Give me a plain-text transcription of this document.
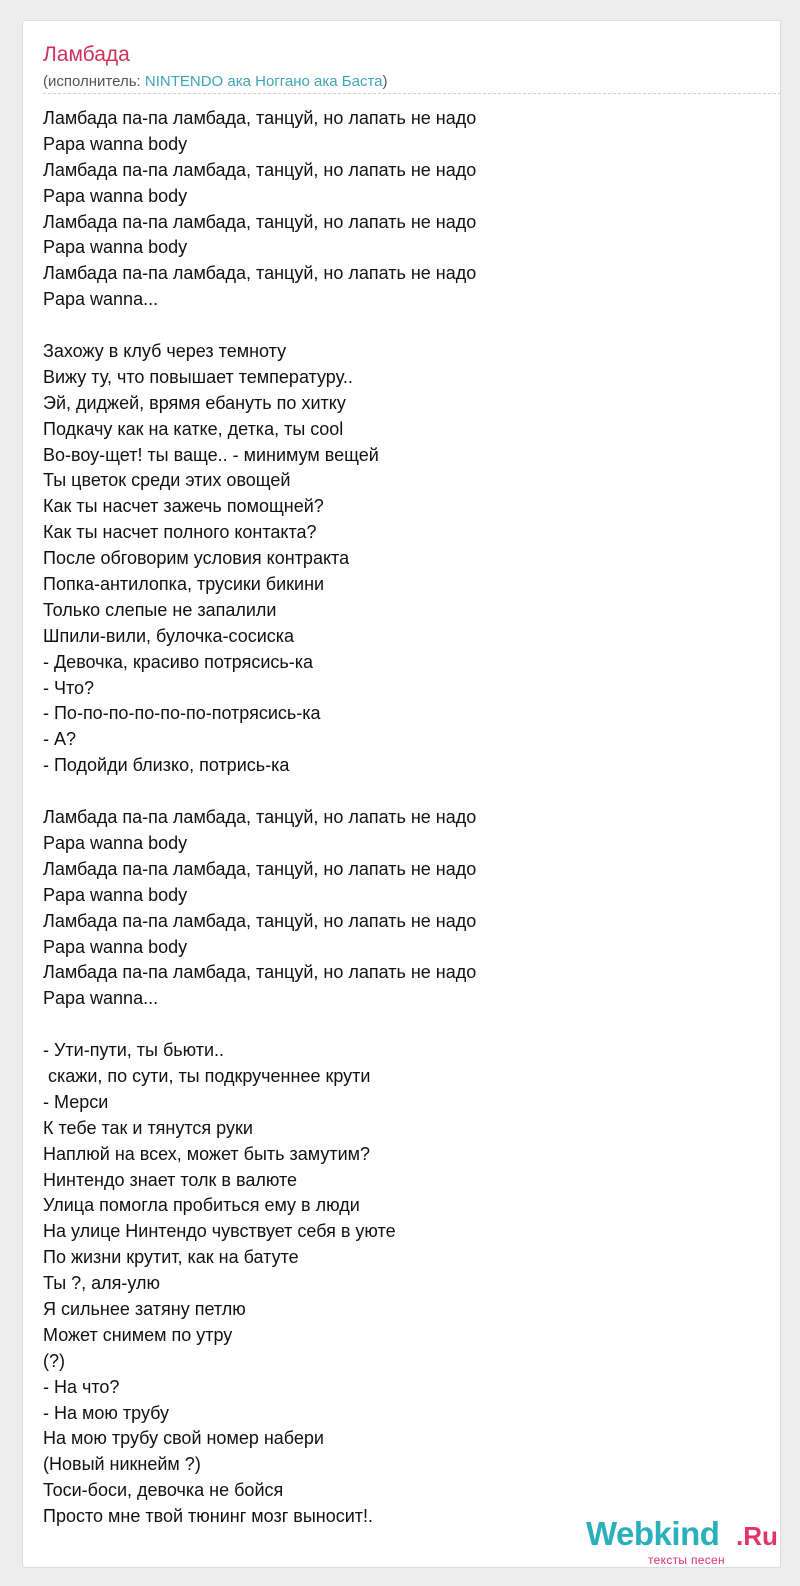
Ламбада
(исполнитель: NINTENDO ака Ноггано ака Баста)
Ламбада па-па ламбада, танцуй, но лапать не надо
Papa wanna body
Ламбада па-па ламбада, танцуй, но лапать не надо
Papa wanna body
Ламбада па-па ламбада, танцуй, но лапать не надо
Papa wanna body
Ламбада па-па ламбада, танцуй, но лапать не надо
Papa wanna...
Захожу в клуб через темноту
Вижу ту, что повышает температуру..
Эй, диджей, врямя ебануть по хитку
Подкачу как на катке, детка, ты cool
Во-воу-щет! ты ваще.. - минимум вещей
Ты цветок среди этих овощей
Как ты насчет зажечь помощней?
Как ты насчет полного контакта?
После обговорим условия контракта
Попка-антилопка, трусики бикини
Только слепые не запалили
Шпили-вили, булочка-сосиска
- Девочка, красиво потрясись-ка
- Что?
- По-по-по-по-по-по-потрясись-ка
- А?
- Подойди близко, потрись-ка
Ламбада па-па ламбада, танцуй, но лапать не надо
Papa wanna body
Ламбада па-па ламбада, танцуй, но лапать не надо
Papa wanna body
Ламбада па-па ламбада, танцуй, но лапать не надо
Papa wanna body
Ламбада па-па ламбада, танцуй, но лапать не надо
Papa wanna...
- Ути-пути, ты бьюти..
скажи, по сути, ты подкрученнее крути
- Мерси
К тебе так и тянутся руки
Наплюй на всех, может быть замутим?
Нинтендо знает толк в валюте
Улица помогла пробиться ему в люди
На улице Нинтендо чувствует себя в уюте
По жизни крутит, как на батуте
Ты ?, аля-улю
Я сильнее затяну петлю
Может снимем по утру
(?)
- На что?
- На мою трубу
На мою трубу свой номер набери
(Новый никнейм ?)
Тоси-боси, девочка не бойся
Просто мне твой тюнинг мозг выносит!.	Webkind .Ru
тексты песен
